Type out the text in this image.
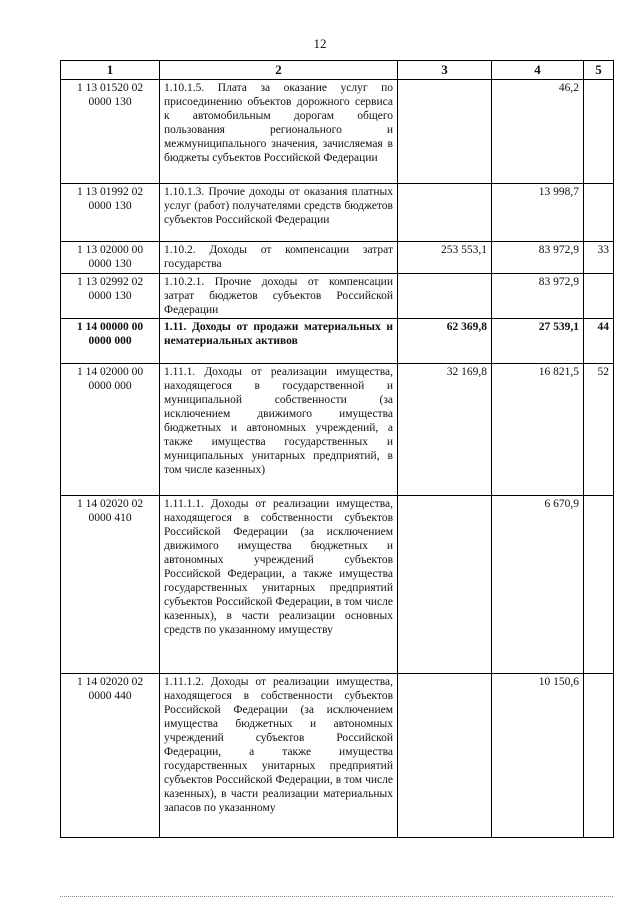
12
1	2	3	4	5
1 13 01520 02 0000 130	1.10.1.5. Плата за оказание услуг по присоединению объектов дорожного сервиса к автомобильным дорогам общего пользования регионального и межмуниципального значения, зачисляемая в бюджеты субъектов Российской Федерации		46,2	
1 13 01992 02 0000 130	1.10.1.3. Прочие доходы от оказания платных услуг (работ) получателями средств бюджетов субъектов Российской Федерации		13 998,7	
1 13 02000 00 0000 130	1.10.2. Доходы от компенсации затрат государства	253 553,1	83 972,9	33
1 13 02992 02 0000 130	1.10.2.1. Прочие доходы от компенсации затрат бюджетов субъектов Российской Федерации		83 972,9	
1 14 00000 00 0000 000	1.11. Доходы от продажи материальных и нематериальных активов	62 369,8	27 539,1	44
1 14 02000 00 0000 000	1.11.1. Доходы от реализации имущества, находящегося в государственной и муниципальной собственности (за исключением движимого имущества бюджетных и автономных учреждений, а также имущества государственных и муниципальных унитарных предприятий, в том числе казенных)	32 169,8	16 821,5	52
1 14 02020 02 0000 410	1.11.1.1. Доходы от реализации имущества, находящегося в собственности субъектов Российской Федерации (за исключением движимого имущества бюджетных и автономных учреждений субъектов Российской Федерации, а также имущества государственных унитарных предприятий субъектов Российской Федерации, в том числе казенных), в части реализации основных средств по указанному имуществу		6 670,9	
1 14 02020 02 0000 440	1.11.1.2. Доходы от реализации имущества, находящегося в собственности субъектов Российской Федерации (за исключением имущества бюджетных и автономных учреждений субъектов Российской Федерации, а также имущества государственных унитарных предприятий субъектов Российской Федерации, в том числе казенных), в части реализации материальных запасов по указанному		10 150,6	
